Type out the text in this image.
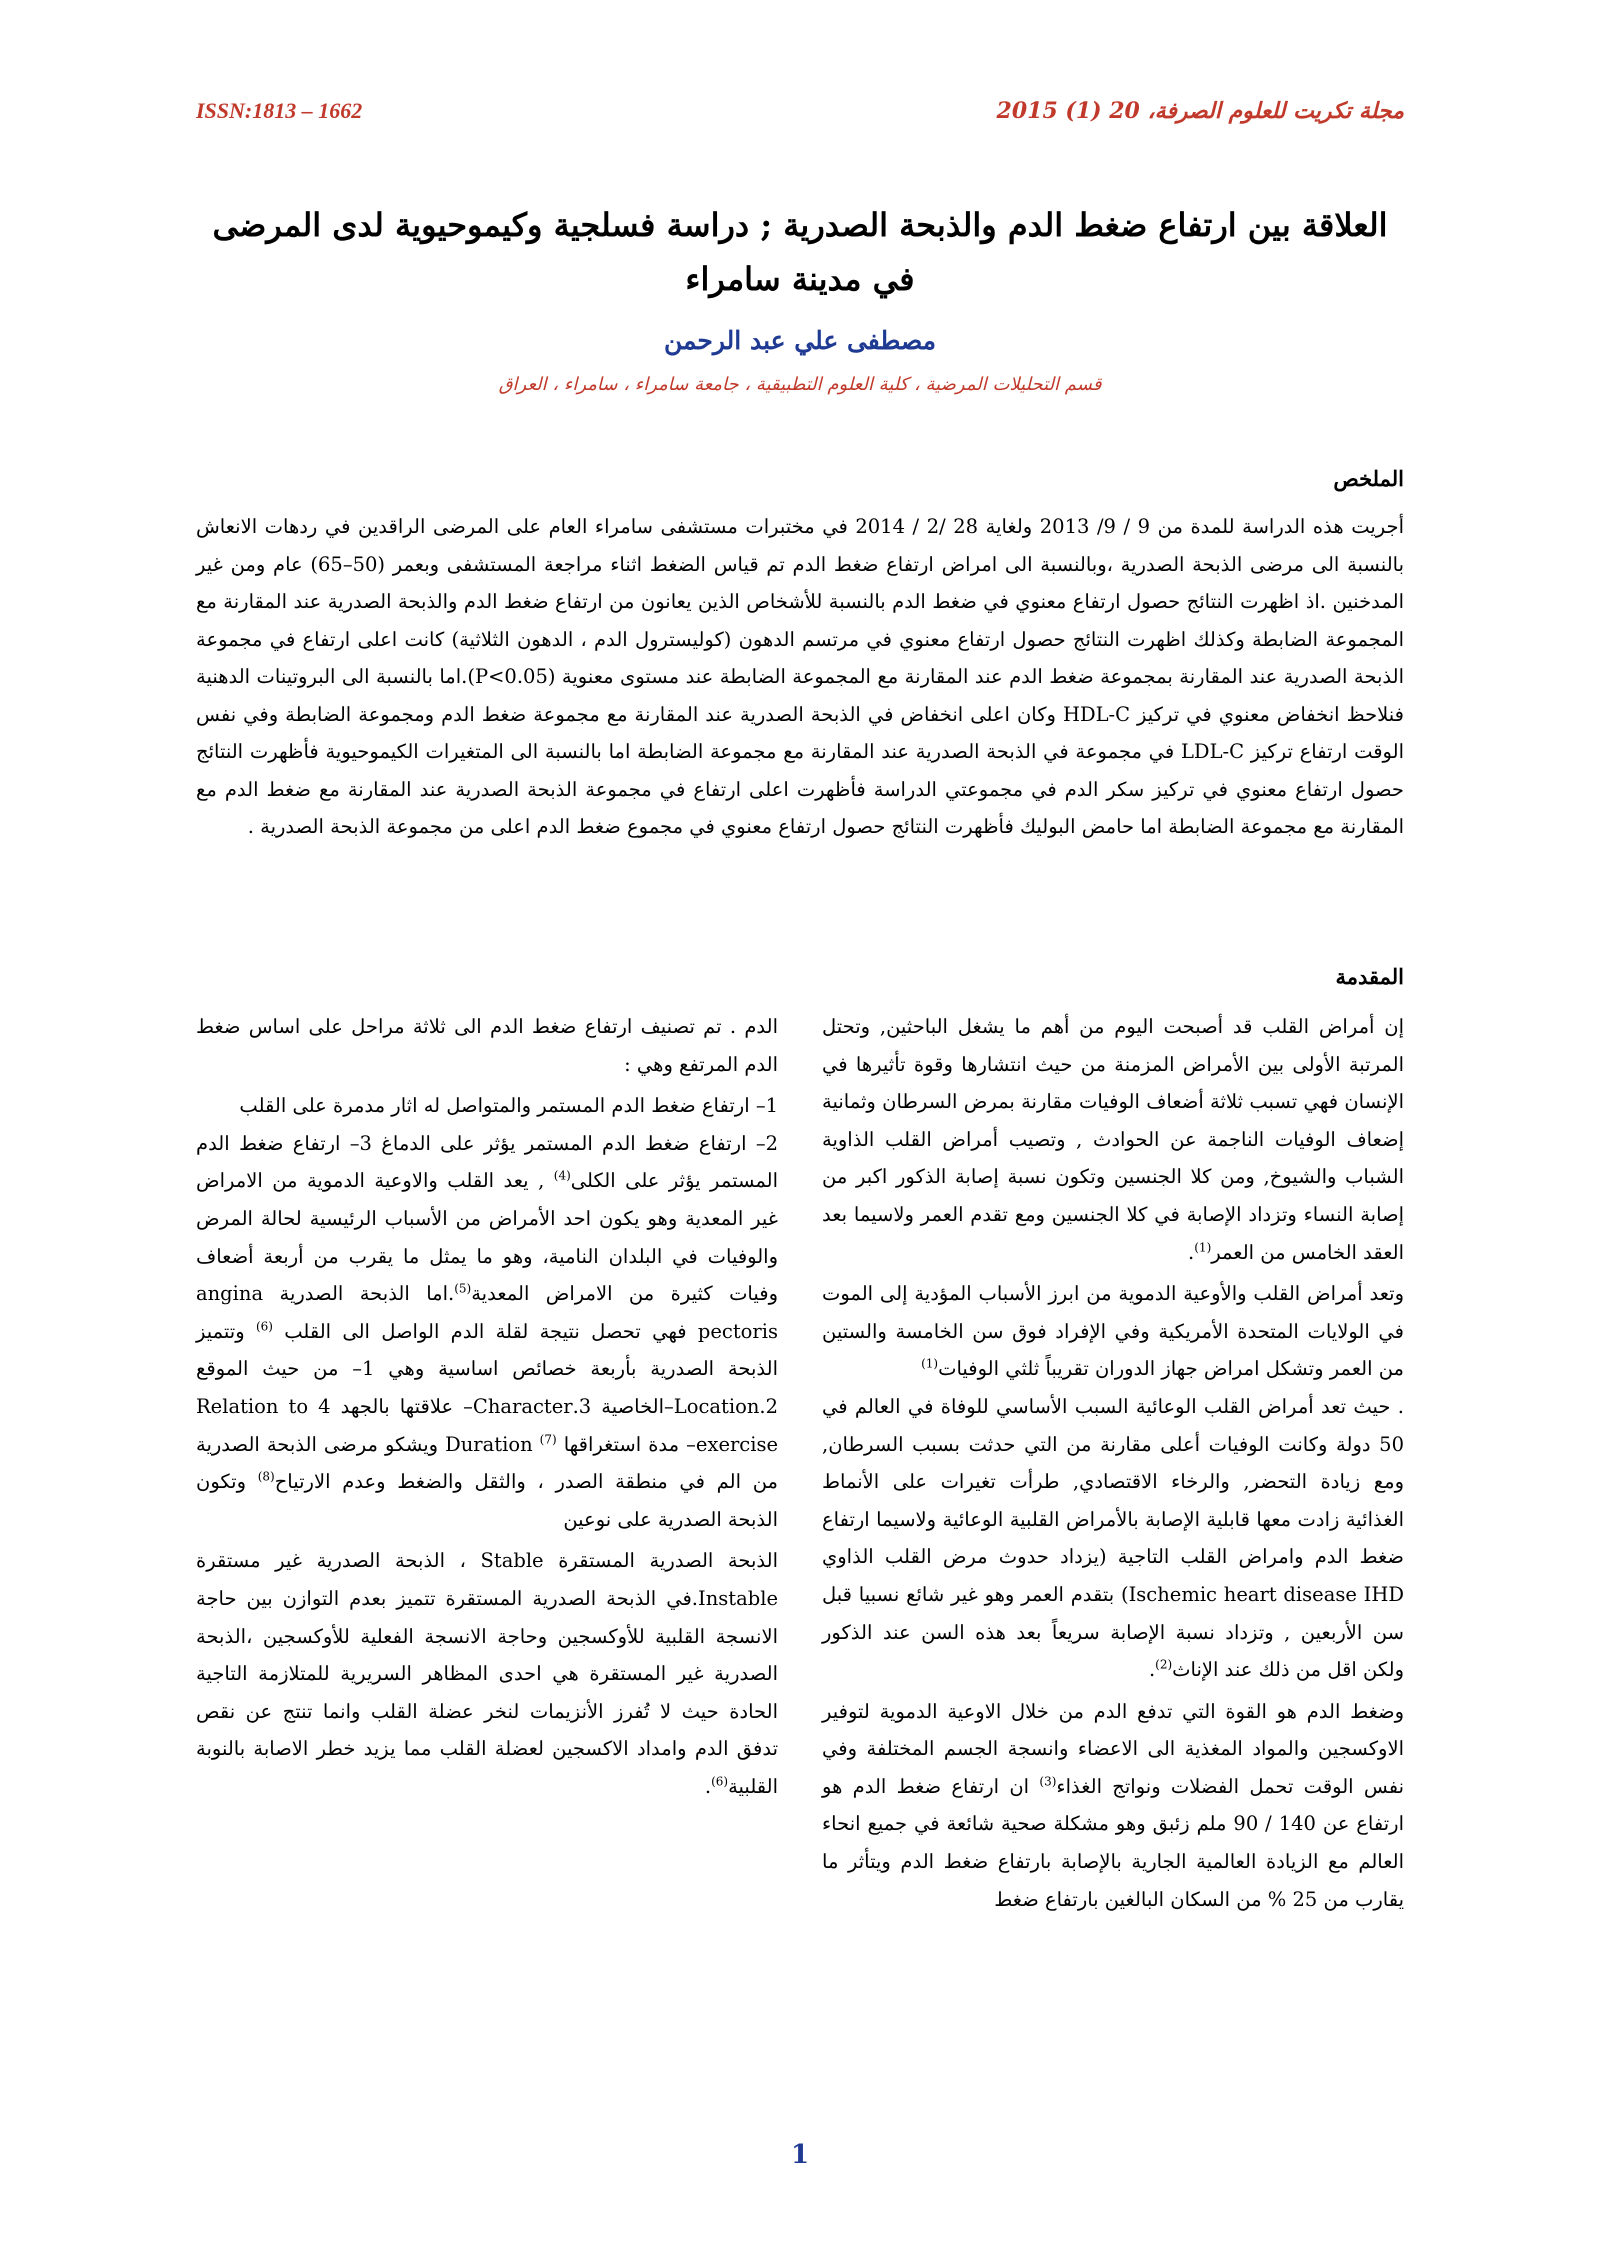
مجلة تكريت للعلوم الصرفة، 20 (1) 2015
ISSN:1813 – 1662
العلاقة بين ارتفاع ضغط الدم والذبحة الصدرية ; دراسة فسلجية وكيموحيوية لدى المرضى
في مدينة سامراء
مصطفى علي عبد الرحمن
قسم التحليلات المرضية ، كلية العلوم التطبيقية ، جامعة سامراء ، سامراء ، العراق
الملخص
أجريت هذه الدراسة للمدة من 9 / 9/ 2013 ولغاية 28 /2 / 2014 في مختبرات مستشفى سامراء العام على المرضى الراقدين في ردهات الانعاش بالنسبة الى مرضى الذبحة الصدرية ،وبالنسبة الى امراض ارتفاع ضغط الدم تم قياس الضغط اثناء مراجعة المستشفى وبعمر (50–65) عام ومن غير المدخنين .اذ اظهرت النتائج حصول ارتفاع معنوي في ضغط الدم بالنسبة للأشخاص الذين يعانون من ارتفاع ضغط الدم والذبحة الصدرية عند المقارنة مع المجموعة الضابطة وكذلك اظهرت النتائج حصول ارتفاع معنوي في مرتسم الدهون (كوليسترول الدم ، الدهون الثلاثية) كانت اعلى ارتفاع في مجموعة الذبحة الصدرية عند المقارنة بمجموعة ضغط الدم عند المقارنة مع المجموعة الضابطة عند مستوى معنوية (P<0.05).اما بالنسبة الى البروتينات الدهنية فنلاحظ انخفاض معنوي في تركيز HDL-C وكان اعلى انخفاض في الذبحة الصدرية عند المقارنة مع مجموعة ضغط الدم ومجموعة الضابطة وفي نفس الوقت ارتفاع تركيز LDL-C في مجموعة في الذبحة الصدرية عند المقارنة مع مجموعة الضابطة اما بالنسبة الى المتغيرات الكيموحيوية فأظهرت النتائج حصول ارتفاع معنوي في تركيز سكر الدم في مجموعتي الدراسة فأظهرت اعلى ارتفاع في مجموعة الذبحة الصدرية عند المقارنة مع ضغط الدم مع المقارنة مع مجموعة الضابطة اما حامض البوليك فأظهرت النتائج حصول ارتفاع معنوي في مجموع ضغط الدم اعلى من مجموعة الذبحة الصدرية .
المقدمة

إن أمراض القلب قد أصبحت اليوم من أهم ما يشغل الباحثين, وتحتل المرتبة الأولى بين الأمراض المزمنة من حيث انتشارها وقوة تأثيرها في الإنسان فهي تسبب ثلاثة أضعاف الوفيات مقارنة بمرض السرطان وثمانية إضعاف الوفيات الناجمة عن الحوادث , وتصيب أمراض القلب الذاوية الشباب والشيوخ, ومن كلا الجنسين وتكون نسبة إصابة الذكور اكبر من إصابة النساء وتزداد الإصابة في كلا الجنسين ومع تقدم العمر ولاسيما بعد العقد الخامس من العمر$^{(1)}$.

وتعد أمراض القلب والأوعية الدموية من ابرز الأسباب المؤدية إلى الموت في الولايات المتحدة الأمريكية وفي الإفراد فوق سن الخامسة والستين من العمر وتشكل امراض جهاز الدوران تقريباً ثلثي الوفيات$^{(1)}$

. حيث تعد أمراض القلب الوعائية السبب الأساسي للوفاة في العالم في 50 دولة وكانت الوفيات أعلى مقارنة من التي حدثت بسبب السرطان, ومع زيادة التحضر, والرخاء الاقتصادي, طرأت تغيرات على الأنماط الغذائية زادت معها قابلية الإصابة بالأمراض القلبية الوعائية ولاسيما ارتفاع ضغط الدم وامراض القلب التاجية (يزداد حدوث مرض القلب الذاوي Ischemic heart disease IHD) بتقدم العمر وهو غير شائع نسبيا قبل سن الأربعين , وتزداد نسبة الإصابة سريعاً بعد هذه السن عند الذكور ولكن اقل من ذلك عند الإناث$^{(2)}$.

وضغط الدم هو القوة التي تدفع الدم من خلال الاوعية الدموية لتوفير الاوكسجين والمواد المغذية الى الاعضاء وانسجة الجسم المختلفة وفي نفس الوقت تحمل الفضلات ونواتج الغذاء$^{(3)}$ ان ارتفاع ضغط الدم هو ارتفاع عن 140 / 90 ملم زئبق وهو مشكلة صحية شائعة في جميع انحاء العالم مع الزيادة العالمية الجارية بالإصابة بارتفاع ضغط الدم ويتأثر ما يقارب من 25 % من السكان البالغين بارتفاع ضغط

الدم . تم تصنيف ارتفاع ضغط الدم الى ثلاثة مراحل على اساس ضغط الدم المرتفع وهي :

1– ارتفاع ضغط الدم المستمر والمتواصل له اثار مدمرة على القلب

2– ارتفاع ضغط الدم المستمر يؤثر على الدماغ 3– ارتفاع ضغط الدم المستمر يؤثر على الكلى$^{(4)}$ , يعد القلب والاوعية الدموية من الامراض غير المعدية وهو يكون احد الأمراض من الأسباب الرئيسية لحالة المرض والوفيات في البلدان النامية، وهو ما يمثل ما يقرب من أربعة أضعاف وفيات كثيرة من الامراض المعدية$^{(5)}$.اما الذبحة الصدرية angina pectoris فهي تحصل نتيجة لقلة الدم الواصل الى القلب $^{(6)}$ وتتميز الذبحة الصدرية بأربعة خصائص اساسية وهي 1– من حيث الموقع 2.Location–الخاصية 3.Character– علاقتها بالجهد 4 Relation to exercise– مدة استغراقها Duration $^{(7)}$ ويشكو مرضى الذبحة الصدرية من الم في منطقة الصدر ، والثقل والضغط وعدم الارتياح$^{(8)}$ وتكون الذبحة الصدرية على نوعين

الذبحة الصدرية المستقرة Stable ، الذبحة الصدرية غير مستقرة Instable.في الذبحة الصدرية المستقرة تتميز بعدم التوازن بين حاجة الانسجة القلبية للأوكسجين وحاجة الانسجة الفعلية للأوكسجين ،الذبحة الصدرية غير المستقرة هي احدى المظاهر السريرية للمتلازمة التاجية الحادة حيث لا تُفرز الأنزيمات لنخر عضلة القلب وانما تنتج عن نقص تدفق الدم وامداد الاكسجين لعضلة القلب مما يزيد خطر الاصابة بالنوبة القلبية$^{(6)}$.

1
